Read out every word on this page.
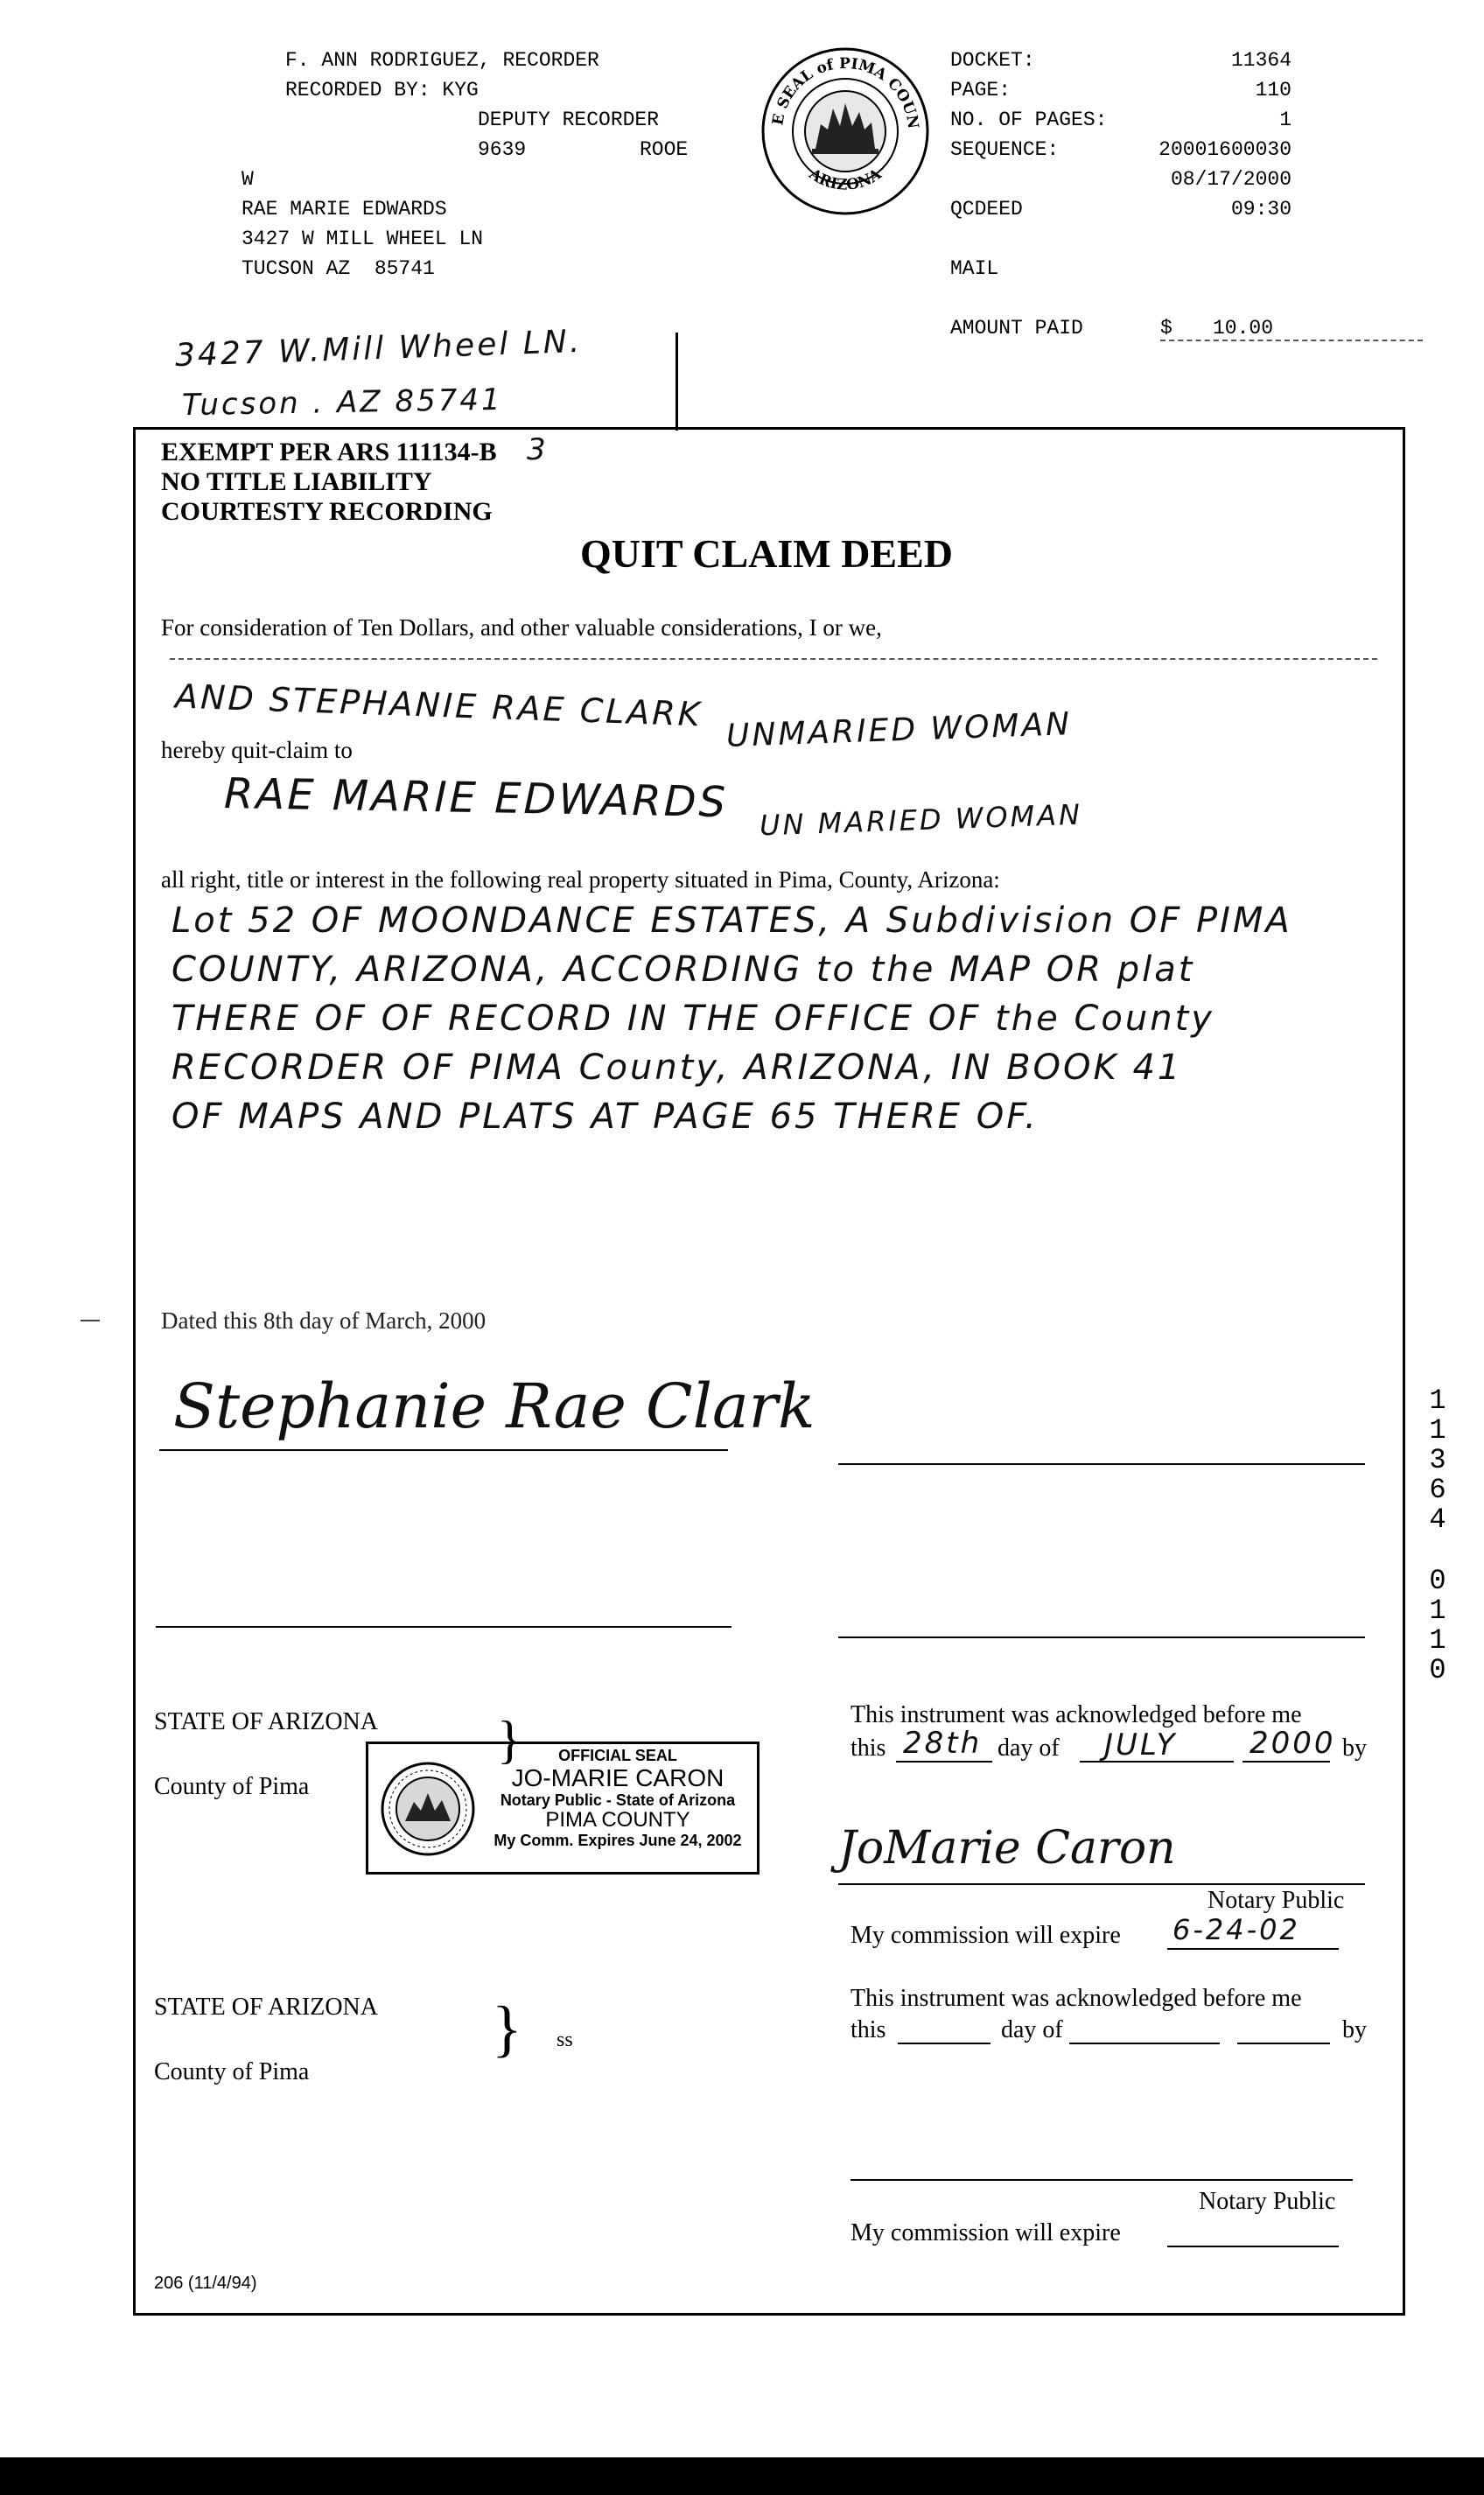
F. ANN RODRIGUEZ, RECORDER
RECORDED BY: KYG
DEPUTY RECORDER
9639	ROOE
W
RAE MARIE EDWARDS
3427 W MILL WHEEL LN
TUCSON AZ  85741
E SEAL of PIMA COUN
ARIZONA
DOCKET:	11364
PAGE:	110
NO. OF PAGES:	1
SEQUENCE:	20001600030
08/17/2000
QCDEED	09:30
MAIL
AMOUNT PAID	$ 10.00
3427 W.Mill Wheel LN.
Tucson . AZ 85741
EXEMPT PER ARS 111134-B 3
NO TITLE LIABILITY
COURTESTY RECORDING
QUIT CLAIM DEED
For consideration of Ten Dollars, and other valuable considerations, I or we,
AND STEPHANIE RAE CLARK UNMARIED WOMAN
hereby quit-claim to
RAE MARIE EDWARDS UN MARIED WOMAN
all right, title or interest in the following real property situated in Pima, County, Arizona:
Lot 52 OF MOONDANCE ESTATES, A Subdivision OF PIMA
COUNTY, ARIZONA, ACCORDING to the MAP OR plat
THERE OF OF RECORD IN THE OFFICE OF the County
RECORDER OF PIMA County, ARIZONA, IN BOOK 41
OF MAPS AND PLATS AT PAGE 65 THERE OF.
Dated this 8th day of March, 2000
Stephanie Rae Clark	11364
0110
STATE OF ARIZONA
County of Pima
OFFICIAL SEAL
JO-MARIE CARON
Notary Public - State of Arizona
PIMA COUNTY
My Comm. Expires June 24, 2002
}	This instrument was acknowledged before me
this 28th day of JULY 2000 by
JoMarie Caron
Notary Public
My commission will expire 6-24-02
STATE OF ARIZONA
County of Pima
} ss
This instrument was acknowledged before me
this	day of	by
Notary Public
My commission will expire
206 (11/4/94)
